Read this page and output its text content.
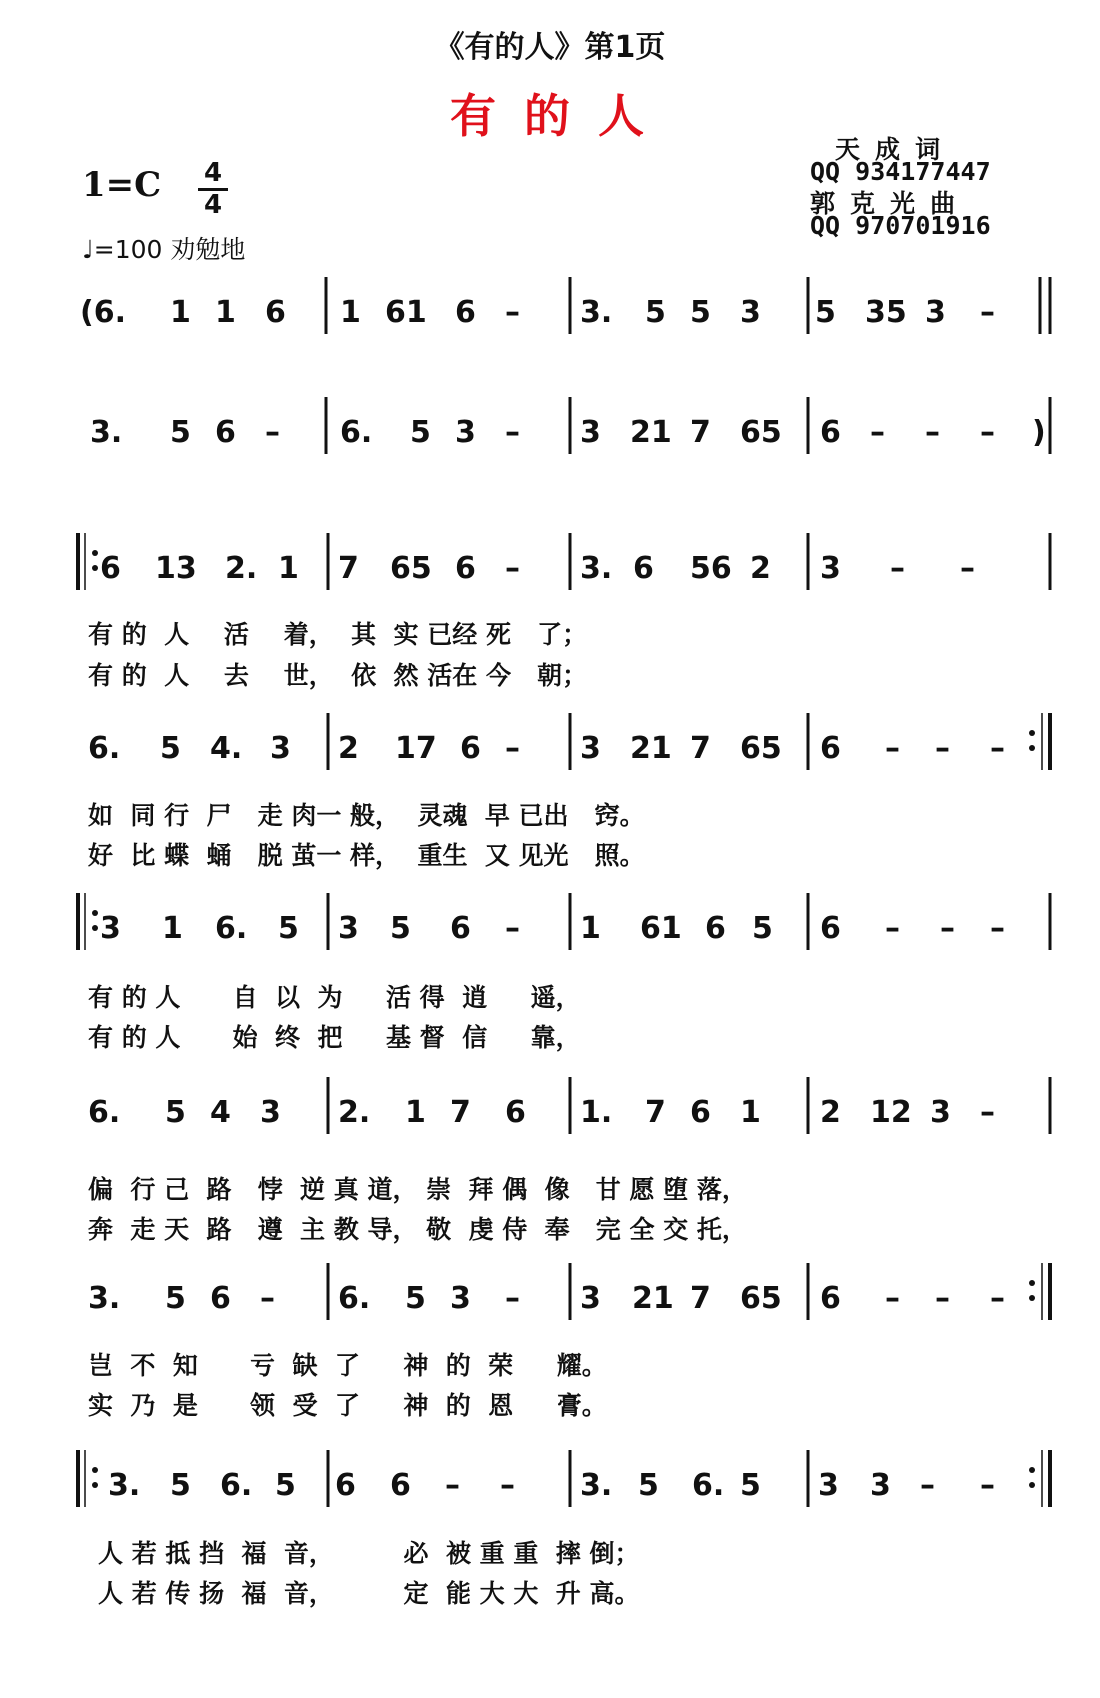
《有的人》第1页
有 的 人
天 成 词
QQ 934177447
郭 克 光 曲
QQ 970701916
1=C 4
4
♩=100 劝勉地
(6. 1 1 6 1 61 6 – 3. 5 5 3 5 35 3 –
3. 5 6 – 6. 5 3 – 3 21 7 65 6 – – – )
6 13 2. 1 7 65 6 – 3. 6 56 2 3 – –
6. 5 4. 3 2 17 6 – 3 21 7 65 6 – – –
3 1 6. 5 3 5 6 – 1 61 6 5 6 – – –
6. 5 4 3 2. 1 7 6 1. 7 6 1 2 12 3 –
3. 5 6 – 6. 5 3 – 3 21 7 65 6 – – –
3. 5 6. 5 6 6 – – 3. 5 6. 5 3 3 – –
有 的  人    活    着，  其  实 已经 死   了；
有 的  人    去    世，  依  然 活在 今   朝；
如  同 行  尸   走 肉一 般，  灵魂  早 已出   窍。
好  比 蝶  蛹   脱 茧一 样，  重生  又 见光   照。
有 的 人      自  以  为     活 得  逍     遥，
有 的 人      始  终  把     基 督  信     靠，
偏  行 己  路   悖  逆 真 道， 崇  拜 偶  像   甘 愿 堕 落，
奔  走 天  路   遵  主 教 导， 敬  虔 侍  奉   完 全 交 托，
岂  不  知      亏  缺  了     神  的  荣     耀。
实  乃  是      领  受  了     神  的  恩     膏。
人 若 抵 挡  福  音，        必  被 重 重  摔 倒；
人 若 传 扬  福  音，        定  能 大 大  升 高。
